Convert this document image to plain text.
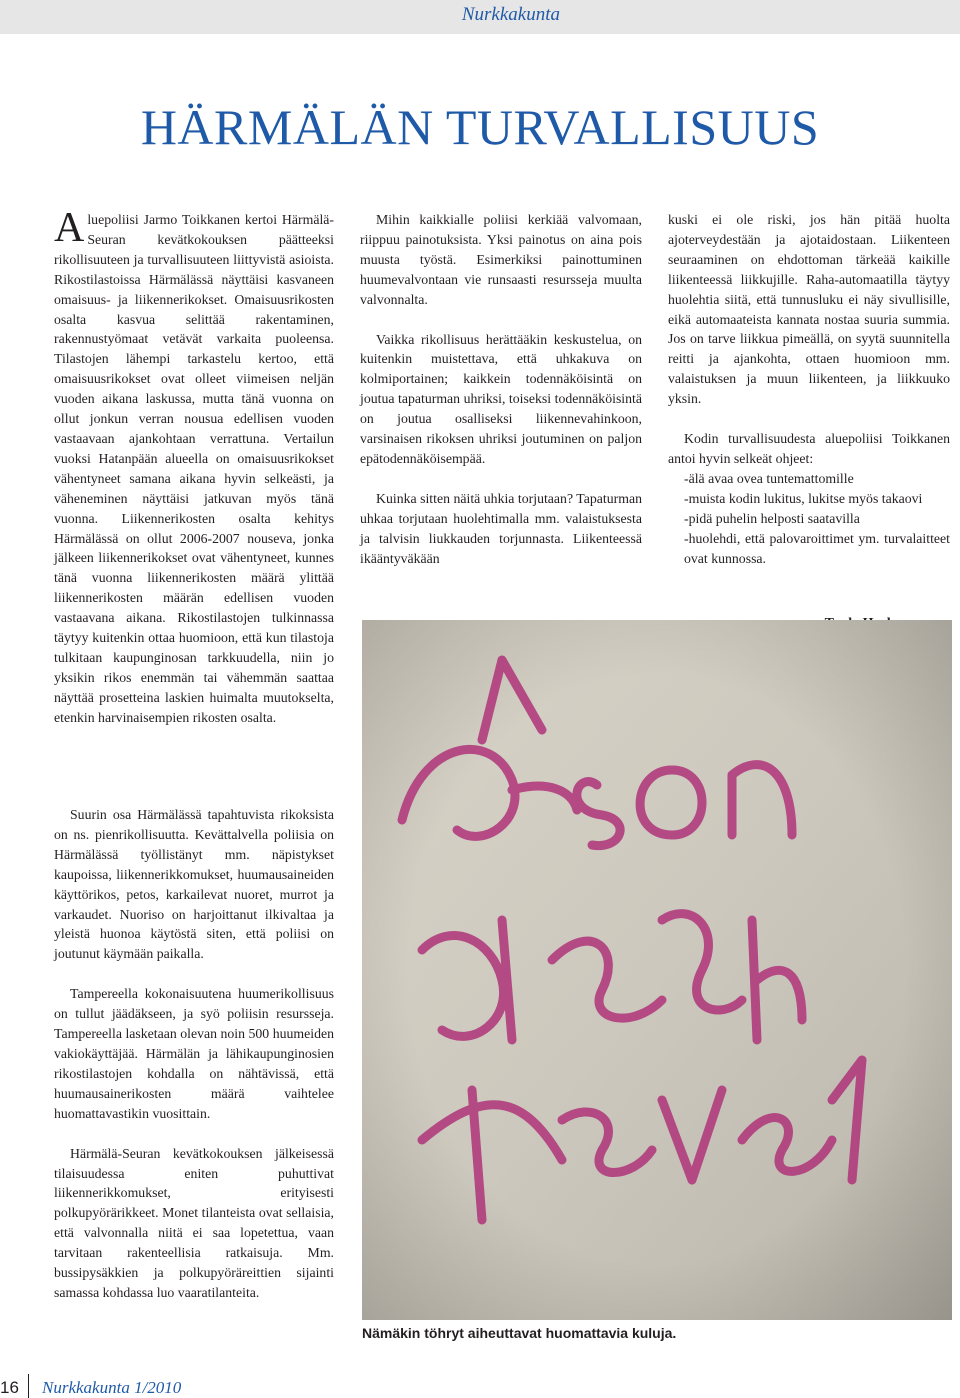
Nurkkakunta
HÄRMÄLÄN TURVALLISUUS

Aluepoliisi Jarmo Toikkanen kertoi Härmälä-Seuran kevätkokouksen päätteeksi rikollisuuteen ja turvallisuuteen liittyvistä asioista. Rikostilastoissa Härmälässä näyttäisi kasvaneen omaisuus- ja liikennerikokset. Omaisuusrikosten osalta kasvua selittää rakentaminen, rakennustyömaat vetävät varkaita puoleensa. Tilastojen lähempi tarkastelu kertoo, että omaisuusrikokset ovat olleet viimeisen neljän vuoden aikana laskussa, mutta tänä vuonna on ollut jonkun verran nousua edellisen vuoden vastaavaan ajankohtaan verrattuna. Vertailun vuoksi Hatanpään alueella on omaisuusrikokset vähentyneet samana aikana hyvin selkeästi, ja väheneminen näyttäisi jatkuvan myös tänä vuonna. Liikennerikosten osalta kehitys Härmälässä on ollut 2006-2007 nouseva, jonka jälkeen liikennerikokset ovat vähentyneet, kunnes tänä vuonna liikennerikosten määrä ylittää liikennerikosten määrän edellisen vuoden vastaavana aikana. Rikostilastojen tulkinnassa täytyy kuitenkin ottaa huomioon, että kun tilastoja tulkitaan kaupunginosan tarkkuudella, niin jo yksikin rikos enemmän tai vähemmän saattaa näyttää prosetteina laskien huimalta muutokselta, etenkin harvinaisempien rikosten osalta.

Suurin osa Härmälässä tapahtuvista rikoksista on ns. pienrikollisuutta. Kevättalvella poliisia on Härmälässä työllistänyt mm. näpistykset kaupoissa, liikennerikkomukset, huumausaineiden käyttörikos, petos, karkailevat nuoret, murrot ja varkaudet. Nuoriso on harjoittanut ilkivaltaa ja yleistä huonoa käytöstä siten, että poliisi on joutunut käymään paikalla.

Tampereella kokonaisuutena huumerikollisuus on tullut jäädäkseen, ja syö poliisin resursseja. Tampereella lasketaan olevan noin 500 huumeiden vakiokäyttäjää. Härmälän ja lähikaupunginosien rikostilastojen kohdalla on nähtävissä, että huumausainerikosten määrä vaihtelee huomattavastikin vuosittain.

Härmälä-Seuran kevätkokouksen jälkeisessä tilaisuudessa eniten puhuttivat liikennerikkomukset, erityisesti polkupyörärikkeet. Monet tilanteista ovat sellaisia, että valvonnalla niitä ei saa lopetettua, vaan tarvitaan rakenteellisia ratkaisuja. Mm. bussipysäkkien ja polkupyöräreittien sijainti samassa kohdassa luo vaaratilanteita.

Mihin kaikkialle poliisi kerkiää valvomaan, riippuu painotuksista. Yksi painotus on aina pois muusta työstä. Esimerkiksi painottuminen huumevalvontaan vie runsaasti resursseja muulta valvonnalta.

Vaikka rikollisuus herättääkin keskustelua, on kuitenkin muistettava, että uhkakuva on kolmiportainen; kaikkein todennäköisintä on joutua tapaturman uhriksi, toiseksi todennäköisintä on joutua osalliseksi liikennevahinkoon, varsinaisen rikoksen uhriksi joutuminen on paljon epätodennäköisempää.

Kuinka sitten näitä uhkia torjutaan? Tapaturman uhkaa torjutaan huolehtimalla mm. valaistuksesta ja talvisin liukkauden torjunnasta. Liikenteessä ikääntyväkään

kuski ei ole riski, jos hän pitää huolta ajoterveydestään ja ajotaidostaan. Liikenteen seuraaminen on ehdottoman tärkeää kaikille liikenteessä liikkujille. Raha-automaatilla täytyy huolehtia siitä, että tunnusluku ei näy sivullisille, eikä automaateista kannata nostaa suuria summia. Jos on tarve liikkua pimeällä, on syytä suunnitella reitti ja ajankohta, ottaen huomioon mm. valaistuksen ja muun liikenteen, ja liikkuuko yksin.

Kodin turvallisuudesta aluepoliisi Toikkanen antoi hyvin selkeät ohjeet:

-älä avaa ovea tuntemattomille

-muista kodin lukitus, lukitse myös takaovi

-pidä puhelin helposti saatavilla

-huolehdi, että palovaroittimet ym. turvalaitteet ovat kunnossa.

Nämäkin töhryt aiheuttavat huomattavia kuluja.
16 Nurkkakunta 1/2010
